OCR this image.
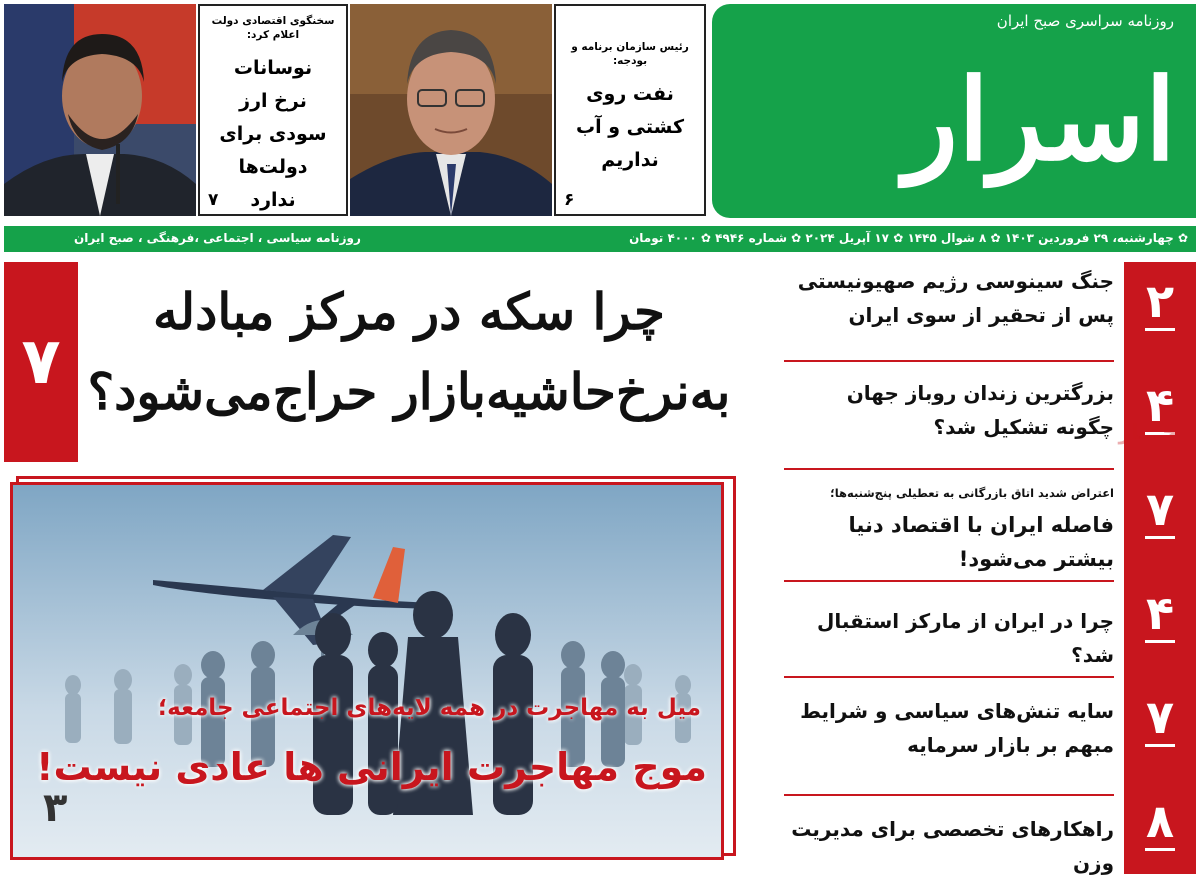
روزنامه سراسری صبح ایران
اسرار
رئیس سازمان برنامه و بودجه:
نفت روی کشتی و آب نداریم
۶
سخنگوی اقتصادی دولت اعلام کرد:
نوسانات نرخ ارز سودی برای دولت‌ها ندارد
۷
✿ چهارشنبه، ۲۹ فروردین ۱۴۰۳ ✿ ۸ شوال ۱۴۴۵ ✿ ۱۷ آپریل ۲۰۲۴ ✿ شماره ۴۹۴۶ ✿ ۴۰۰۰ تومان
روزنامه سیاسی ، اجتماعی ،فرهنگی ، صبح ایران
۲
۴
۷
۴
۷
۸
جـــار
جنگ سینوسی رژیم صهیونیستی پس از تحقیر از سوی ایران
بزرگترین زندان روباز جهان چگونه تشکیل شد؟
اعتراض شدید اتاق بازرگانی به تعطیلی پنج‌شنبه‌ها؛
فاصله ایران با اقتصاد دنیا بیشتر می‌شود!
چرا در ایران از مارکز استقبال شد؟
سایه تنش‌های سیاسی و شرایط مبهم بر بازار سرمایه
راهکارهای تخصصی برای مدیریت وزن
۷
چرا سکه در مرکز مبادله
به‌نرخ‌حاشیه‌بازار حراج‌می‌شود؟
میل به مهاجرت در همه لایه‌های اجتماعی جامعه؛
موج مهاجرت ایرانی ها عادی نیست!
۳
